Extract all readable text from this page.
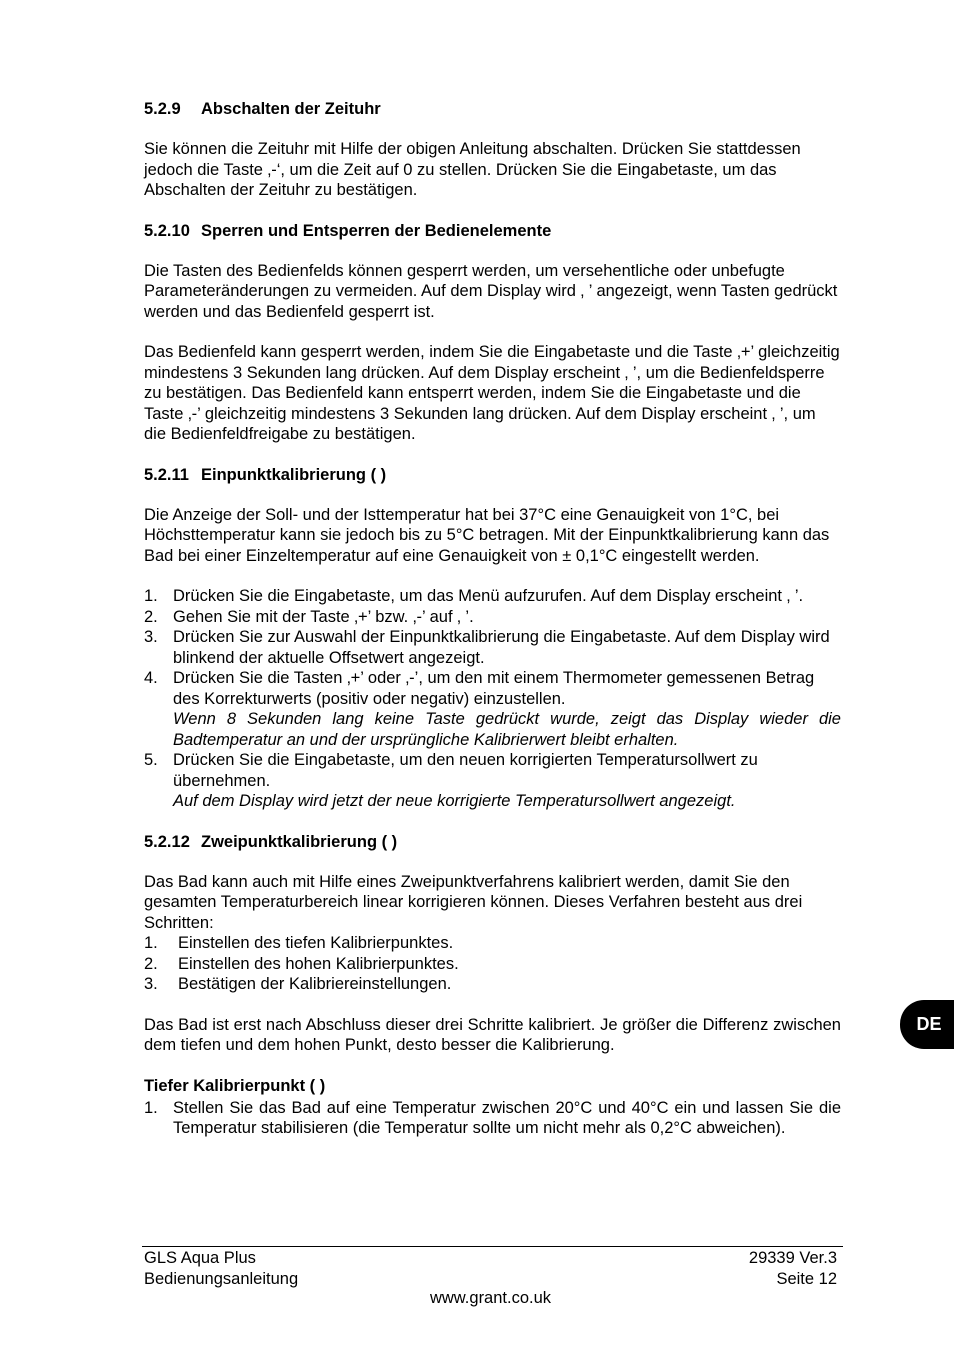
5.2.9 Abschalten der Zeituhr

Sie können die Zeituhr mit Hilfe der obigen Anleitung abschalten. Drücken Sie stattdessen jedoch die Taste ‚-‘, um die Zeit auf 0 zu stellen. Drücken Sie die Eingabetaste, um das Abschalten der Zeituhr zu bestätigen.

5.2.10 Sperren und Entsperren der Bedienelemente

Die Tasten des Bedienfelds können gesperrt werden, um versehentliche oder unbefugte Parameteränderungen zu vermeiden. Auf dem Display wird ‚ ’ angezeigt, wenn Tasten gedrückt werden und das Bedienfeld gesperrt ist.

Das Bedienfeld kann gesperrt werden, indem Sie die Eingabetaste und die Taste ‚+’ gleichzeitig mindestens 3 Sekunden lang drücken. Auf dem Display erscheint ‚ ’, um die Bedienfeldsperre zu bestätigen. Das Bedienfeld kann entsperrt werden, indem Sie die Eingabetaste und die Taste ‚-’ gleichzeitig mindestens 3 Sekunden lang drücken. Auf dem Display erscheint ‚ ’, um die Bedienfeldfreigabe zu bestätigen.

5.2.11 Einpunktkalibrierung ( )

Die Anzeige der Soll- und der Isttemperatur hat bei 37°C eine Genauigkeit von 1°C, bei Höchsttemperatur kann sie jedoch bis zu 5°C betragen. Mit der Einpunktkalibrierung kann das Bad bei einer Einzeltemperatur auf eine Genauigkeit von ± 0,1°C eingestellt werden.

1. Drücken Sie die Eingabetaste, um das Menü aufzurufen. Auf dem Display erscheint ‚ ’.
2. Gehen Sie mit der Taste ‚+’ bzw. ‚-’ auf ‚ ’.
3. Drücken Sie zur Auswahl der Einpunktkalibrierung die Eingabetaste. Auf dem Display wird blinkend der aktuelle Offsetwert angezeigt.
4. Drücken Sie die Tasten ‚+’ oder ‚-’, um den mit einem Thermometer gemessenen Betrag des Korrekturwerts (positiv oder negativ) einzustellen.
Wenn 8 Sekunden lang keine Taste gedrückt wurde, zeigt das Display wieder die Badtemperatur an und der ursprüngliche Kalibrierwert bleibt erhalten.
5. Drücken Sie die Eingabetaste, um den neuen korrigierten Temperatursollwert zu übernehmen.
Auf dem Display wird jetzt der neue korrigierte Temperatursollwert angezeigt.
5.2.12 Zweipunktkalibrierung ( )

Das Bad kann auch mit Hilfe eines Zweipunktverfahrens kalibriert werden, damit Sie den gesamten Temperaturbereich linear korrigieren können. Dieses Verfahren besteht aus drei Schritten:

1. Einstellen des tiefen Kalibrierpunktes.
2. Einstellen des hohen Kalibrierpunktes.
3. Bestätigen der Kalibriereinstellungen.

Das Bad ist erst nach Abschluss dieser drei Schritte kalibriert. Je größer die Differenz zwischen dem tiefen und dem hohen Punkt, desto besser die Kalibrierung.

Tiefer Kalibrierpunkt ( )
1. Stellen Sie das Bad auf eine Temperatur zwischen 20°C und 40°C ein und lassen Sie die Temperatur stabilisieren (die Temperatur sollte um nicht mehr als 0,2°C abweichen).
DE
GLS Aqua Plus
Bedienungsanleitung
29339 Ver.3
Seite 12
www.grant.co.uk
